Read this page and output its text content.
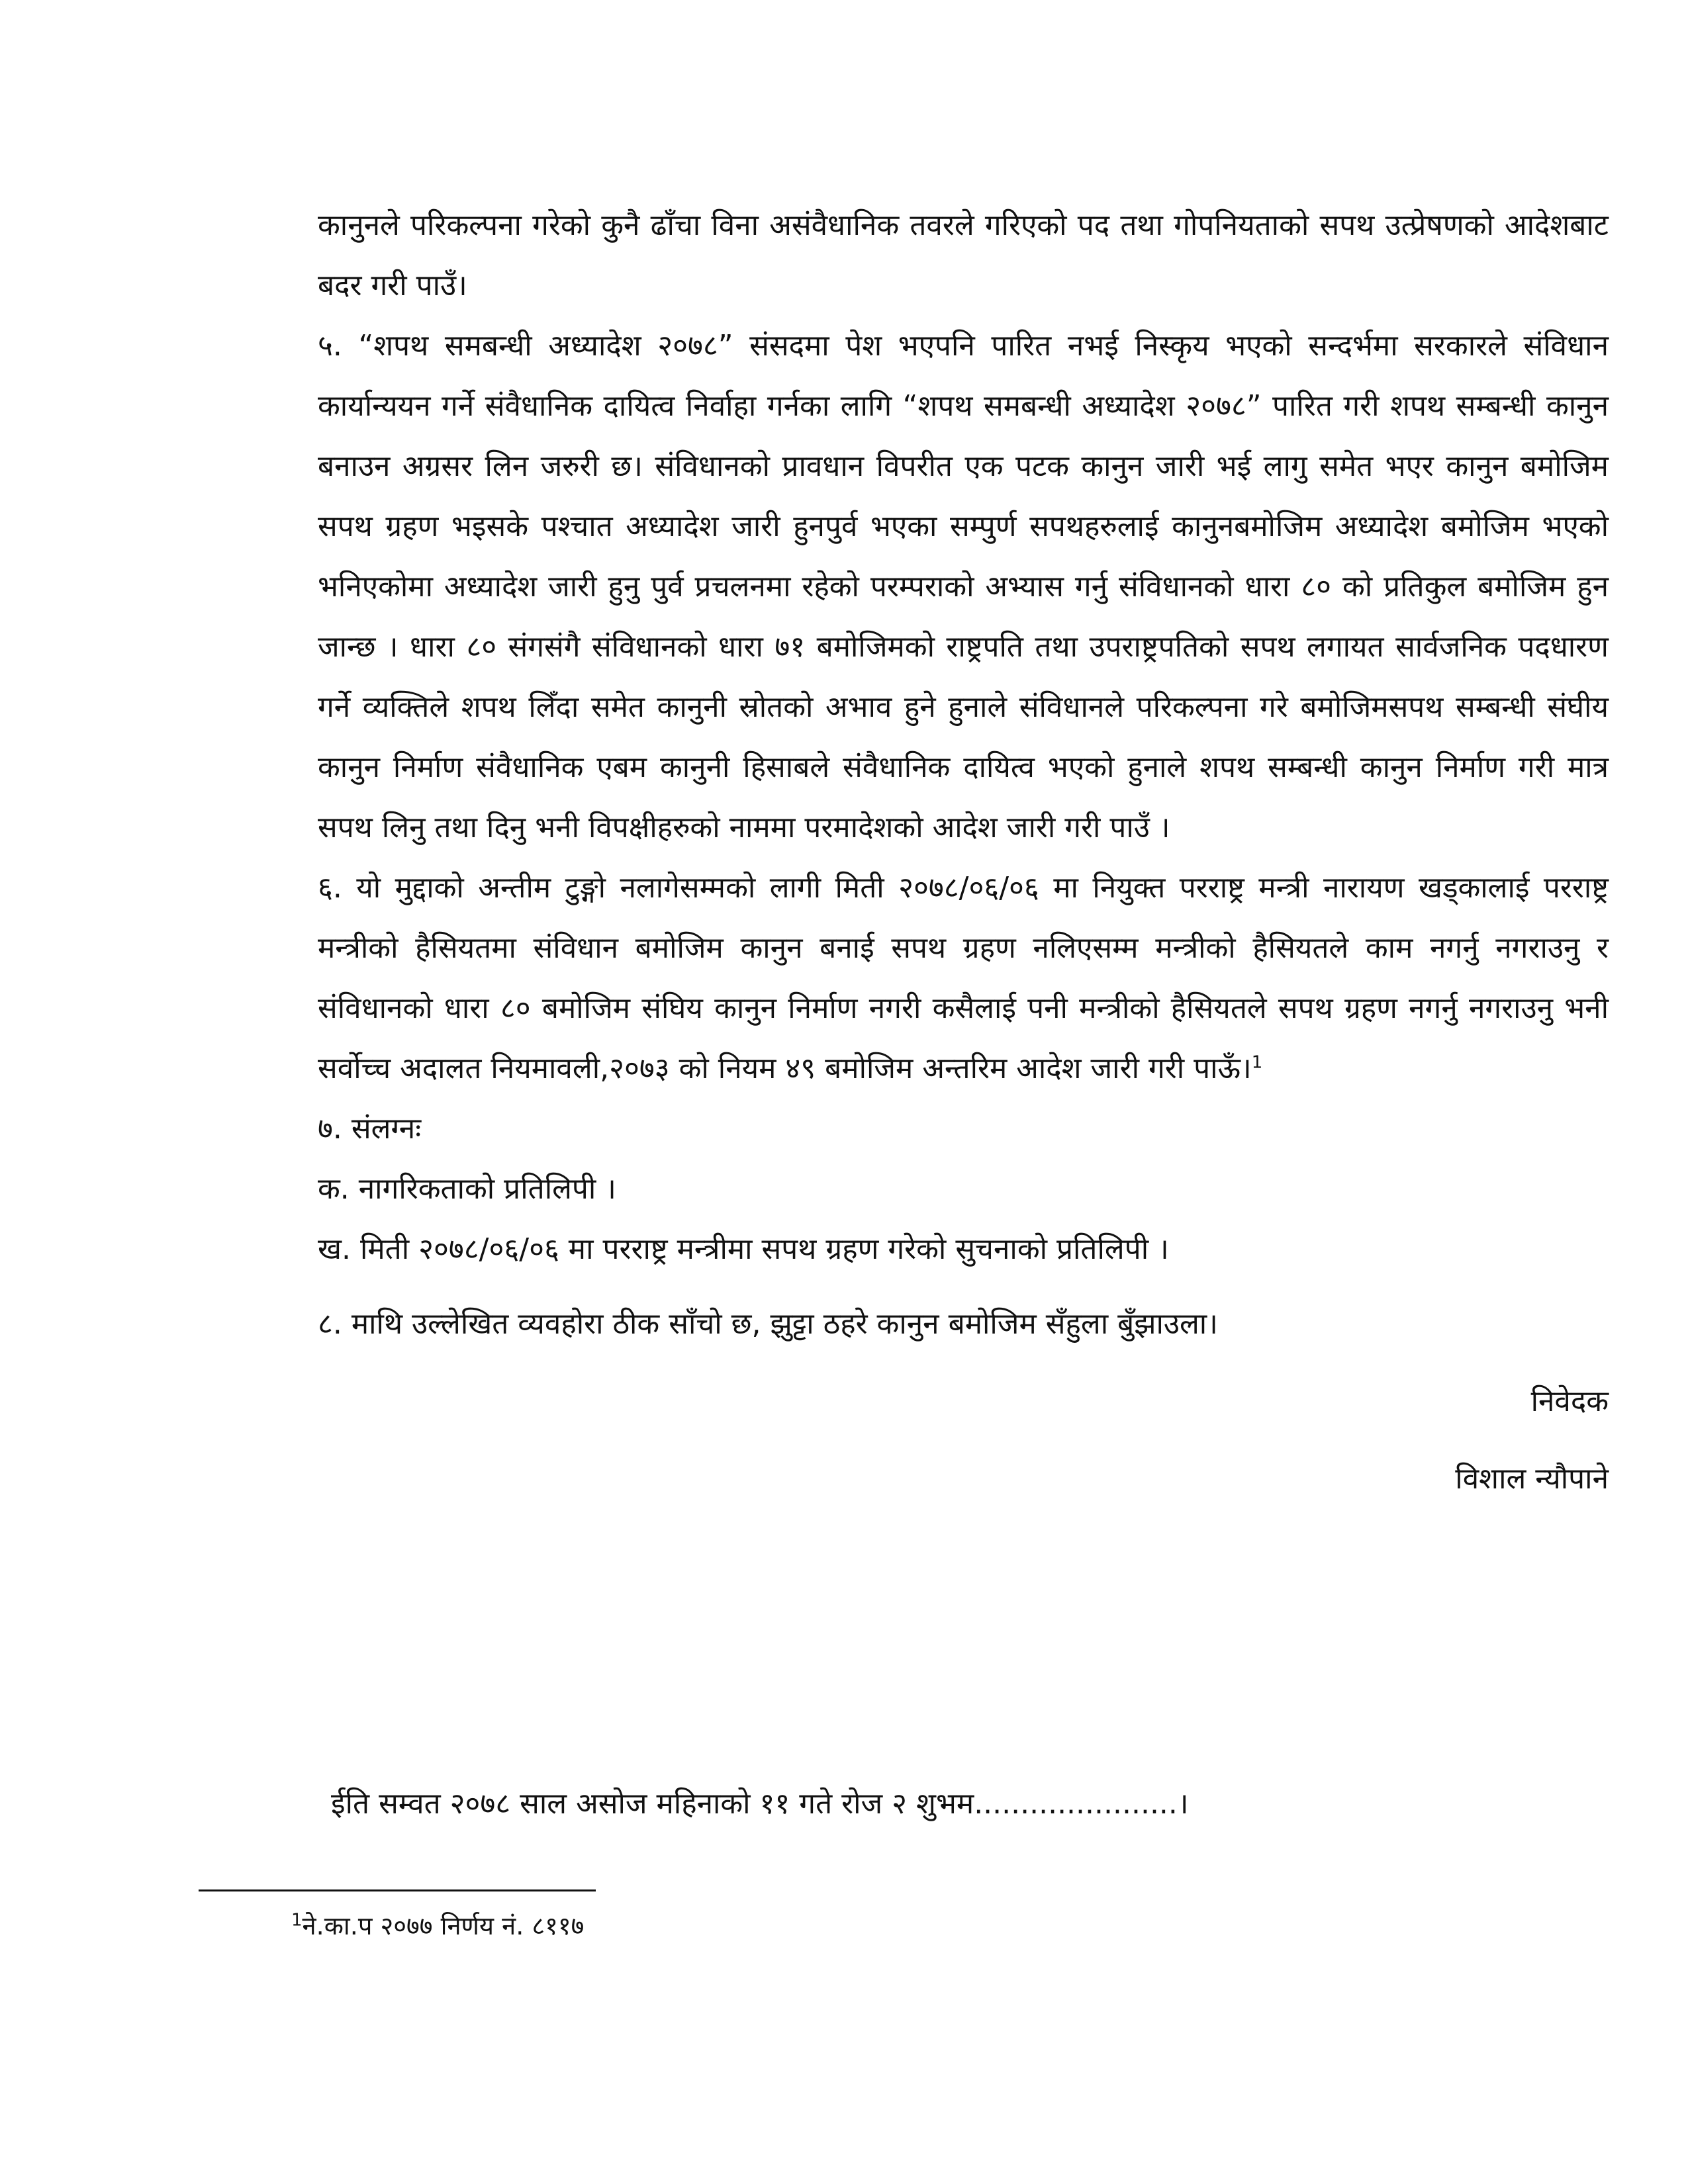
कानुनले परिकल्पना गरेको कुनै ढाँचा विना असंवैधानिक तवरले गरिएको पद तथा गोपनियताको सपथ उत्प्रेषणको आदेशबाट बदर गरी पाउँ।
५. “शपथ समबन्धी अध्यादेश २०७८” संसदमा पेश भएपनि पारित नभई निस्कृय भएको सन्दर्भमा सरकारले संविधान कार्यान्ययन गर्ने संवैधानिक दायित्व निर्वाहा गर्नका लागि “शपथ समबन्धी अध्यादेश २०७८” पारित गरी शपथ सम्बन्धी कानुन बनाउन अग्रसर लिन जरुरी छ। संविधानको प्रावधान विपरीत एक पटक कानुन जारी भई लागु समेत भएर कानुन बमोजिम सपथ ग्रहण भइसके पश्चात अध्यादेश जारी हुनपुर्व भएका सम्पुर्ण सपथहरुलाई कानुनबमोजिम अध्यादेश बमोजिम भएको भनिएकोमा अध्यादेश जारी हुनु पुर्व प्रचलनमा रहेको परम्पराको अभ्यास गर्नु संविधानको धारा ८० को प्रतिकुल बमोजिम हुन जान्छ । धारा ८० संगसंगै संविधानको धारा ७१ बमोजिमको राष्ट्रपति तथा उपराष्ट्रपतिको सपथ लगायत सार्वजनिक पदधारण गर्ने व्यक्तिले शपथ लिँदा समेत कानुनी स्रोतको अभाव हुने हुनाले संविधानले परिकल्पना गरे बमोजिमसपथ सम्बन्धी संघीय कानुन निर्माण संवैधानिक एबम कानुनी हिसाबले संवैधानिक दायित्व भएको हुनाले शपथ सम्बन्धी कानुन निर्माण गरी मात्र सपथ लिनु तथा दिनु भनी विपक्षीहरुको नाममा परमादेशको आदेश जारी गरी पाउँ ।
६. यो मुद्दाको अन्तीम टुङ्गो नलागेसम्मको लागी मिती २०७८/०६/०६ मा नियुक्त परराष्ट्र मन्त्री नारायण खड्कालाई परराष्ट्र मन्त्रीको हैसियतमा संविधान बमोजिम कानुन बनाई सपथ ग्रहण नलिएसम्म मन्त्रीको हैसियतले काम नगर्नु नगराउनु र संविधानको धारा ८० बमोजिम संघिय कानुन निर्माण नगरी कसैलाई पनी मन्त्रीको हैसियतले सपथ ग्रहण नगर्नु नगराउनु भनी सर्वोच्च अदालत नियमावली,२०७३ को नियम ४९ बमोजिम अन्तरिम आदेश जारी गरी पाऊँ।$^1$
७. संलग्नः
क. नागरिकताको प्रतिलिपी ।
ख. मिती २०७८/०६/०६ मा परराष्ट्र मन्त्रीमा सपथ ग्रहण गरेको सुचनाको प्रतिलिपी ।
८. माथि उल्लेखित व्यवहोरा ठीक साँचो छ, झुट्टा ठहरे कानुन बमोजिम सँहुला बुँझाउला।
निवेदक
विशाल न्यौपाने
ईति सम्वत २०७८ साल असोज महिनाको ११ गते रोज २ शुभम......................।
$^1$ने.का.प २०७७ निर्णय नं. ८११७
